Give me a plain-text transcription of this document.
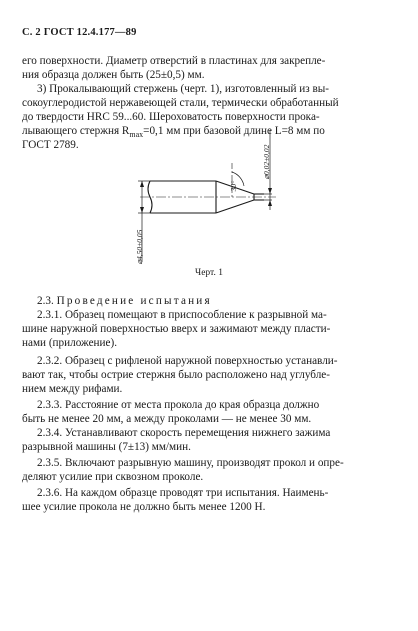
С. 2 ГОСТ 12.4.177—89
его поверхности. Диаметр отверстий в пластинах для закрепле-
ния образца должен быть (25±0,5) мм.
3) Прокалывающий стержень (черт. 1), изготовленный из вы-
сокоуглеродистой нержавеющей стали, термически обработанный
до твердости HRC 59...60. Шероховатость поверхности прока-
лывающего стержня $R_{max}=0,1$ мм при базовой длине L=8 мм по
ГОСТ 2789.
⌀4,50±0,05
⌀0,02±0,02
30°
Черт. 1
2.3. Проведение испытания
2.3.1. Образец помещают в приспособление к разрывной ма-
шине наружной поверхностью вверх и зажимают между пласти-
нами (приложение).
2.3.2. Образец с рифленой наружной поверхностью устанавли-
вают так, чтобы острие стержня было расположено над углубле-
нием между рифами.
2.3.3. Расстояние от места прокола до края образца должно
быть не менее 20 мм, а между проколами — не менее 30 мм.
2.3.4. Устанавливают скорость перемещения нижнего зажима
разрывной машины (7±13) мм/мин.
2.3.5. Включают разрывную машину, производят прокол и опре-
деляют усилие при сквозном проколе.
2.3.6. На каждом образце проводят три испытания. Наимень-
шее усилие прокола не должно быть менее 1200 Н.
